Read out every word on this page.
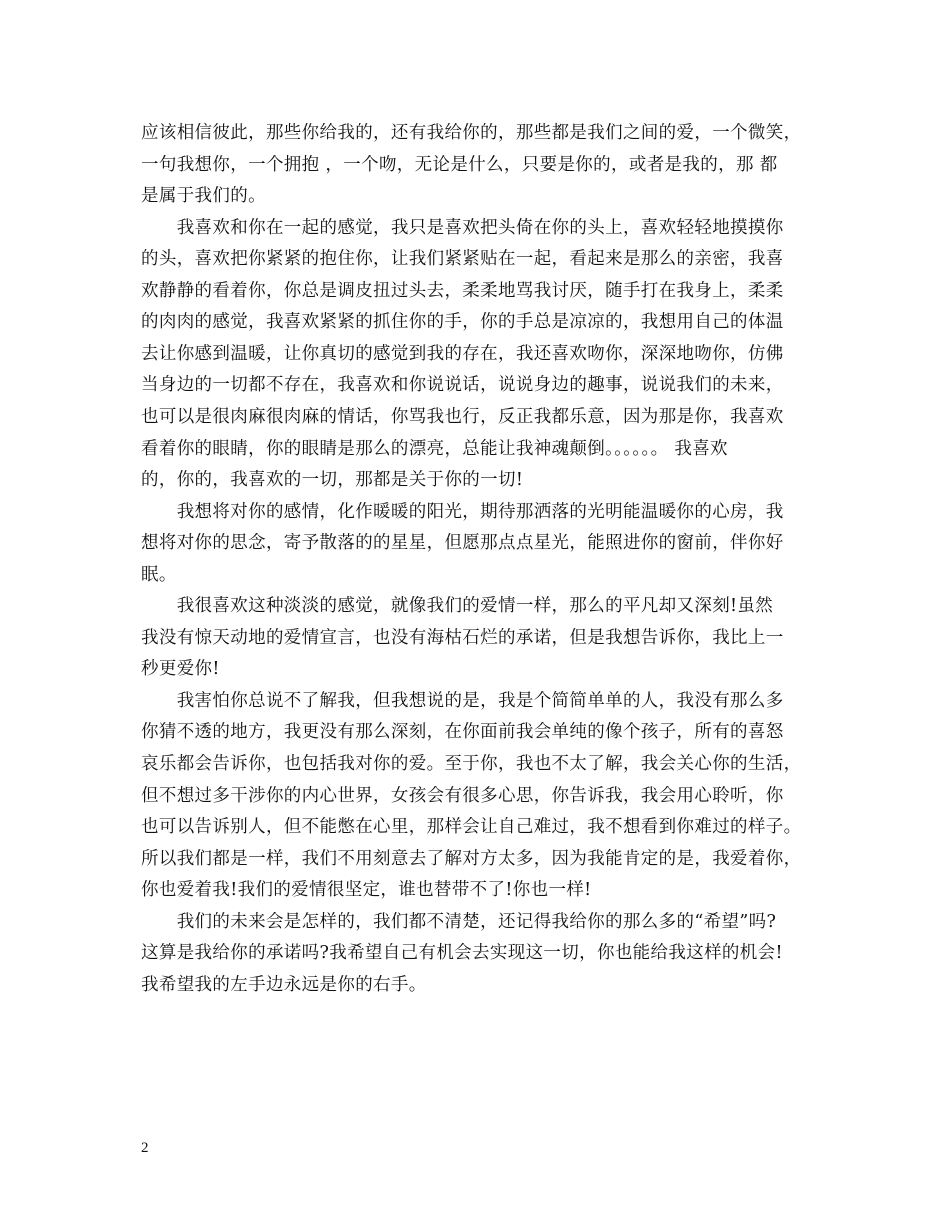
应该相信彼此，那些你给我的，还有我给你的，那些都是我们之间的爱，一个微笑，
一句我想你，一个拥抱 ，一个吻，无论是什么，只要是你的，或者是我的，那 都
是属于我们的。
　　我喜欢和你在一起的感觉，我只是喜欢把头倚在你的头上，喜欢轻轻地摸摸你
的头，喜欢把你紧紧的抱住你，让我们紧紧贴在一起，看起来是那么的亲密，我喜
欢静静的看着你，你总是调皮扭过头去，柔柔地骂我讨厌，随手打在我身上，柔柔
的肉肉的感觉，我喜欢紧紧的抓住你的手，你的手总是凉凉的，我想用自己的体温
去让你感到温暖，让你真切的感觉到我的存在，我还喜欢吻你，深深地吻你，仿佛
当身边的一切都不存在，我喜欢和你说说话，说说身边的趣事，说说我们的未来，
也可以是很肉麻很肉麻的情话，你骂我也行，反正我都乐意，因为那是你，我喜欢
看着你的眼睛，你的眼睛是那么的漂亮，总能让我神魂颠倒。。。。。。 我喜欢
的，你的，我喜欢的一切，那都是关于你的一切!
　　我想将对你的感情，化作暖暖的阳光，期待那洒落的光明能温暖你的心房，我
想将对你的思念，寄予散落的的星星，但愿那点点星光，能照进你的窗前，伴你好
眠。
　　我很喜欢这种淡淡的感觉，就像我们的爱情一样，那么的平凡却又深刻!虽然
我没有惊天动地的爱情宣言，也没有海枯石烂的承诺，但是我想告诉你，我比上一
秒更爱你!
　　我害怕你总说不了解我，但我想说的是，我是个简简单单的人，我没有那么多
你猜不透的地方，我更没有那么深刻，在你面前我会单纯的像个孩子，所有的喜怒
哀乐都会告诉你，也包括我对你的爱。至于你，我也不太了解，我会关心你的生活，
但不想过多干涉你的内心世界，女孩会有很多心思，你告诉我，我会用心聆听，你
也可以告诉别人，但不能憋在心里，那样会让自己难过，我不想看到你难过的样子。
所以我们都是一样，我们不用刻意去了解对方太多，因为我能肯定的是，我爱着你，
你也爱着我!我们的爱情很坚定，谁也替带不了!你也一样!
　　我们的未来会是怎样的，我们都不清楚，还记得我给你的那么多的“希望”吗?
这算是我给你的承诺吗?我希望自己有机会去实现这一切，你也能给我这样的机会!
我希望我的左手边永远是你的右手。
2
